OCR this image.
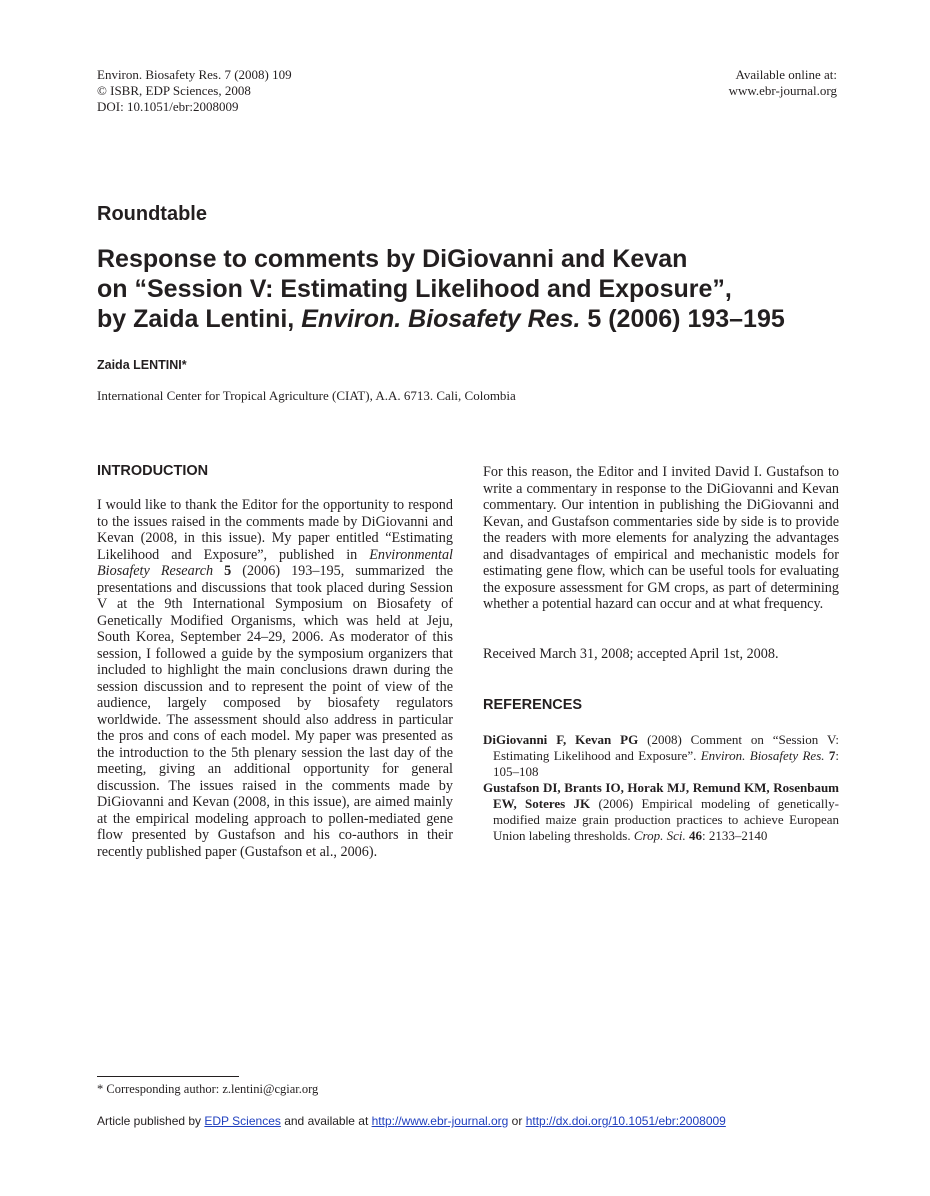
Environ. Biosafety Res. 7 (2008) 109
© ISBR, EDP Sciences, 2008
DOI: 10.1051/ebr:2008009
Available online at:
www.ebr-journal.org
Roundtable
Response to comments by DiGiovanni and Kevan
on “Session V: Estimating Likelihood and Exposure”,
by Zaida Lentini, Environ. Biosafety Res. 5 (2006) 193–195
Zaida LENTINI*
International Center for Tropical Agriculture (CIAT), A.A. 6713. Cali, Colombia
INTRODUCTION

I would like to thank the Editor for the opportunity to respond to the issues raised in the comments made by DiGiovanni and Kevan (2008, in this issue). My paper entitled “Estimating Likelihood and Exposure”, published in Environmental Biosafety Research 5 (2006) 193–195, summarized the presentations and discussions that took placed during Session V at the 9th International Symposium on Biosafety of Genetically Modified Organisms, which was held at Jeju, South Korea, September 24–29, 2006. As moderator of this session, I followed a guide by the symposium organizers that included to highlight the main conclusions drawn during the session discussion and to represent the point of view of the audience, largely composed by biosafety regulators worldwide. The assessment should also address in particular the pros and cons of each model. My paper was presented as the introduction to the 5th plenary session the last day of the meeting, giving an additional opportunity for general discussion. The issues raised in the comments made by DiGiovanni and Kevan (2008, in this issue), are aimed mainly at the empirical modeling approach to pollen-mediated gene flow presented by Gustafson and his co-authors in their recently published paper (Gustafson et al., 2006).

For this reason, the Editor and I invited David I. Gustafson to write a commentary in response to the DiGiovanni and Kevan commentary. Our intention in publishing the DiGiovanni and Kevan, and Gustafson commentaries side by side is to provide the readers with more elements for analyzing the advantages and disadvantages of empirical and mechanistic models for estimating gene flow, which can be useful tools for evaluating the exposure assessment for GM crops, as part of determining whether a potential hazard can occur and at what frequency.

Received March 31, 2008; accepted April 1st, 2008.

REFERENCES

DiGiovanni F, Kevan PG (2008) Comment on “Session V: Estimating Likelihood and Exposure”. Environ. Biosafety Res. 7: 105–108

Gustafson DI, Brants IO, Horak MJ, Remund KM, Rosenbaum EW, Soteres JK (2006) Empirical modeling of genetically-modified maize grain production practices to achieve European Union labeling thresholds. Crop. Sci. 46: 2133–2140

* Corresponding author: z.lentini@cgiar.org
Article published by EDP Sciences and available at http://www.ebr-journal.org or http://dx.doi.org/10.1051/ebr:2008009
